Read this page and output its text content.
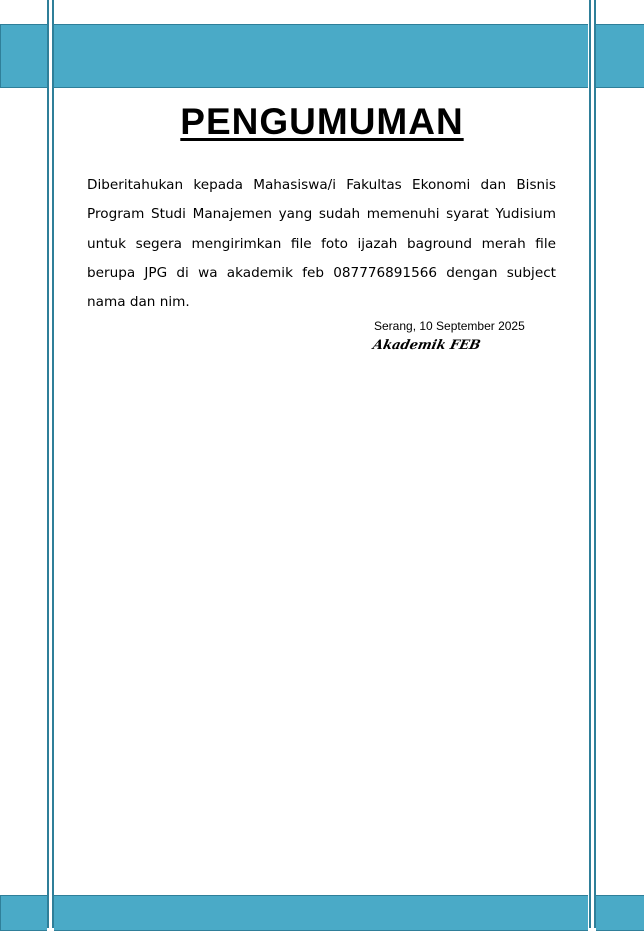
PENGUMUMAN

Diberitahukan kepada Mahasiswa/i Fakultas Ekonomi dan Bisnis Program Studi Manajemen yang sudah memenuhi syarat Yudisium untuk segera mengirimkan file foto ijazah baground merah file berupa JPG di wa akademik feb 087776891566 dengan subject nama dan nim.

Serang, 10 September 2025
Akademik FEB
